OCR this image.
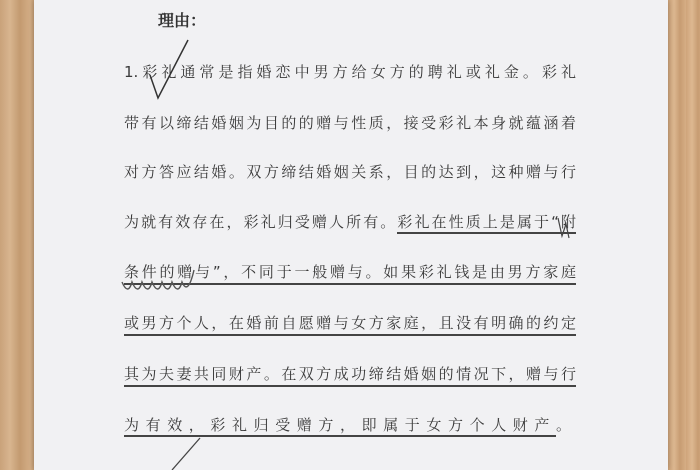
理由：
1.彩礼通常是指婚恋中男方给女方的聘礼或礼金。彩礼
带有以缔结婚姻为目的的赠与性质，接受彩礼本身就蕴涵着
对方答应结婚。双方缔结婚姻关系，目的达到，这种赠与行
为就有效存在，彩礼归受赠人所有。彩礼在性质上是属于“附
条件的赠与”，不同于一般赠与。如果彩礼钱是由男方家庭
或男方个人，在婚前自愿赠与女方家庭，且没有明确的约定
其为夫妻共同财产。在双方成功缔结婚姻的情况下，赠与行
为有效，彩礼归受赠方，即属于女方个人财产。
